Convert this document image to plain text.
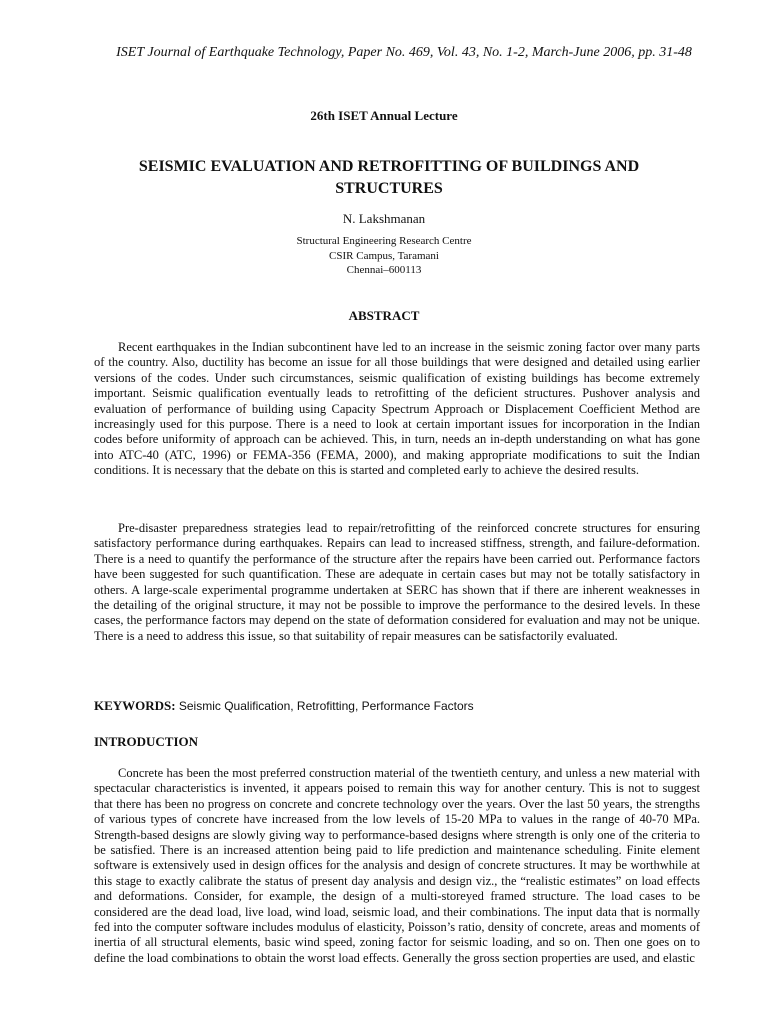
ISET Journal of Earthquake Technology, Paper No. 469, Vol. 43, No. 1-2, March-June 2006, pp. 31-48
26th ISET Annual Lecture
SEISMIC EVALUATION AND RETROFITTING OF BUILDINGS AND STRUCTURES
N. Lakshmanan
Structural Engineering Research Centre
CSIR Campus, Taramani
Chennai–600113
ABSTRACT

Recent earthquakes in the Indian subcontinent have led to an increase in the seismic zoning factor over many parts of the country. Also, ductility has become an issue for all those buildings that were designed and detailed using earlier versions of the codes. Under such circumstances, seismic qualification of existing buildings has become extremely important. Seismic qualification eventually leads to retrofitting of the deficient structures. Pushover analysis and evaluation of performance of building using Capacity Spectrum Approach or Displacement Coefficient Method are increasingly used for this purpose. There is a need to look at certain important issues for incorporation in the Indian codes before uniformity of approach can be achieved. This, in turn, needs an in-depth understanding on what has gone into ATC-40 (ATC, 1996) or FEMA-356 (FEMA, 2000), and making appropriate modifications to suit the Indian conditions. It is necessary that the debate on this is started and completed early to achieve the desired results.

Pre-disaster preparedness strategies lead to repair/retrofitting of the reinforced concrete structures for ensuring satisfactory performance during earthquakes. Repairs can lead to increased stiffness, strength, and failure-deformation. There is a need to quantify the performance of the structure after the repairs have been carried out. Performance factors have been suggested for such quantification. These are adequate in certain cases but may not be totally satisfactory in others. A large-scale experimental programme undertaken at SERC has shown that if there are inherent weaknesses in the detailing of the original structure, it may not be possible to improve the performance to the desired levels. In these cases, the performance factors may depend on the state of deformation considered for evaluation and may not be unique. There is a need to address this issue, so that suitability of repair measures can be satisfactorily evaluated.

KEYWORDS: Seismic Qualification, Retrofitting, Performance Factors
INTRODUCTION

Concrete has been the most preferred construction material of the twentieth century, and unless a new material with spectacular characteristics is invented, it appears poised to remain this way for another century. This is not to suggest that there has been no progress on concrete and concrete technology over the years. Over the last 50 years, the strengths of various types of concrete have increased from the low levels of 15-20 MPa to values in the range of 40-70 MPa. Strength-based designs are slowly giving way to performance-based designs where strength is only one of the criteria to be satisfied. There is an increased attention being paid to life prediction and maintenance scheduling. Finite element software is extensively used in design offices for the analysis and design of concrete structures. It may be worthwhile at this stage to exactly calibrate the status of present day analysis and design viz., the “realistic estimates” on load effects and deformations. Consider, for example, the design of a multi-storeyed framed structure. The load cases to be considered are the dead load, live load, wind load, seismic load, and their combinations. The input data that is normally fed into the computer software includes modulus of elasticity, Poisson’s ratio, density of concrete, areas and moments of inertia of all structural elements, basic wind speed, zoning factor for seismic loading, and so on. Then one goes on to define the load combinations to obtain the worst load effects. Generally the gross section properties are used, and elastic
